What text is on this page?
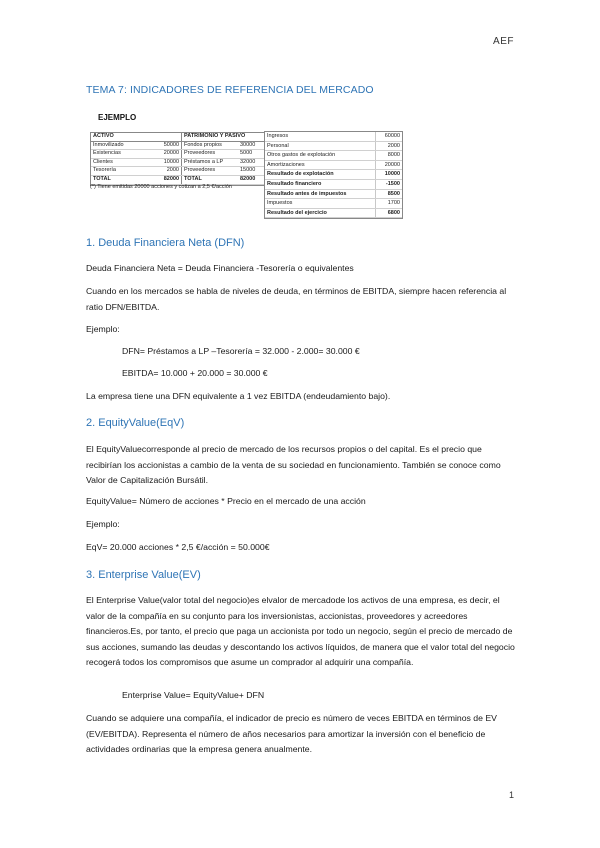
AEF
TEMA 7: INDICADORES DE REFERENCIA DEL MERCADO
EJEMPLO
ACTIVO	PATRIMONIO Y PASIVO
Inmovilizado	50000 Fondos propios	30000
Existencias	20000 Proveedores	5000
Clientes	10000 Préstamos a LP	32000
Tesorería	2000 Proveedores	15000
TOTAL	82000 TOTAL	82000
(*) Tiene emitidas 20000 acciones y cotizan a 2,5 €/acción
Ingresos	60000
Personal	2000
Otros gastos de explotación	8000
Amortizaciones	20000
Resultado de explotación	10000
Resultado financiero	-1500
Resultado antes de impuestos	8500
Impuestos	1700
Resultado del ejercicio	6800
1. Deuda Financiera Neta (DFN)
Deuda Financiera Neta = Deuda Financiera -Tesorería o equivalentes
Cuando en los mercados se habla de niveles de deuda, en términos de EBITDA, siempre hacen referencia al ratio DFN/EBITDA.
Ejemplo:
DFN= Préstamos a LP –Tesorería = 32.000 - 2.000= 30.000 €
EBITDA= 10.000 + 20.000 = 30.000 €
La empresa tiene una DFN equivalente a 1 vez EBITDA (endeudamiento bajo).
2. EquityValue(EqV)
El EquityValuecorresponde al precio de mercado de los recursos propios o del capital. Es el precio que recibirían los accionistas a cambio de la venta de su sociedad en funcionamiento. También se conoce como Valor de Capitalización Bursátil.
EquityValue= Número de acciones * Precio en el mercado de una acción
Ejemplo:
EqV= 20.000 acciones * 2,5 €/acción = 50.000€
3. Enterprise Value(EV)
El Enterprise Value(valor total del negocio)es elvalor de mercadode los activos de una empresa, es decir, el valor de la compañía en su conjunto para los inversionistas, accionistas, proveedores y acreedores financieros.Es, por tanto, el precio que paga un accionista por todo un negocio, según el precio de mercado de sus acciones, sumando las deudas y descontando los activos líquidos, de manera que el valor total del negocio recogerá todos los compromisos que asume un comprador al adquirir una compañía.
Enterprise Value= EquityValue+ DFN
Cuando se adquiere una compañía, el indicador de precio es número de veces EBITDA en términos de EV (EV/EBITDA). Representa el número de años necesarios para amortizar la inversión con el beneficio de actividades ordinarias que la empresa genera anualmente.
1
